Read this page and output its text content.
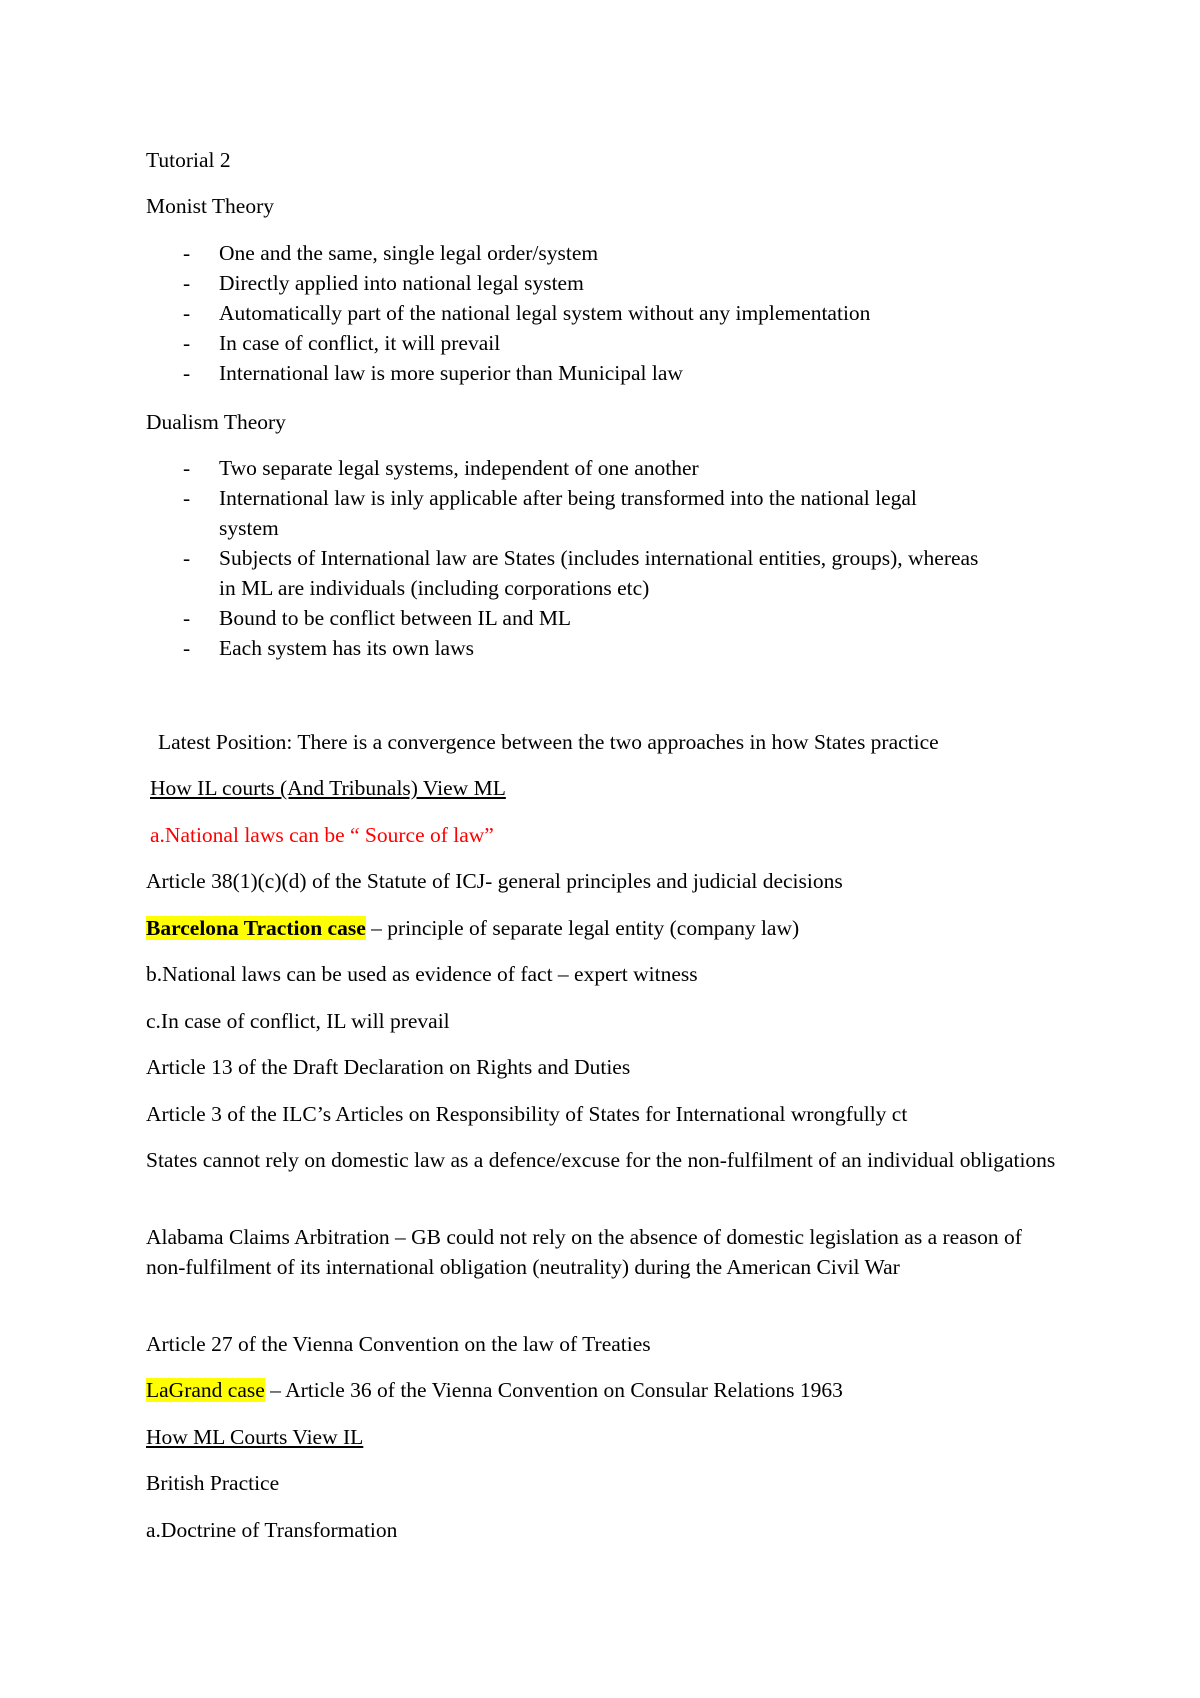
Tutorial 2

Monist Theory

- One and the same, single legal order/system
- Directly applied into national legal system
- Automatically part of the national legal system without any implementation
- In case of conflict, it will prevail
- International law is more superior than Municipal law

Dualism Theory

- Two separate legal systems, independent of one another
- International law is inly applicable after being transformed into the national legal system
- Subjects of International law are States (includes international entities, groups), whereas in ML are individuals (including corporations etc)
- Bound to be conflict between IL and ML
- Each system has its own laws

Latest Position: There is a convergence between the two approaches in how States practice

How IL courts (And Tribunals) View ML

a.National laws can be “ Source of law”

Article 38(1)(c)(d) of the Statute of ICJ- general principles and judicial decisions

Barcelona Traction case – principle of separate legal entity (company law)

b.National laws can be used as evidence of fact – expert witness

c.In case of conflict, IL will prevail

Article 13 of the Draft Declaration on Rights and Duties

Article 3 of the ILC’s Articles on Responsibility of States for International wrongfully ct

States cannot rely on domestic law as a defence/excuse for the non-fulfilment of an individual obligations

Alabama Claims Arbitration – GB could not rely on the absence of domestic legislation as a reason of non-fulfilment of its international obligation (neutrality) during the American Civil War

Article 27 of the Vienna Convention on the law of Treaties

LaGrand case – Article 36 of the Vienna Convention on Consular Relations 1963

How ML Courts View IL

British Practice

a.Doctrine of Transformation
